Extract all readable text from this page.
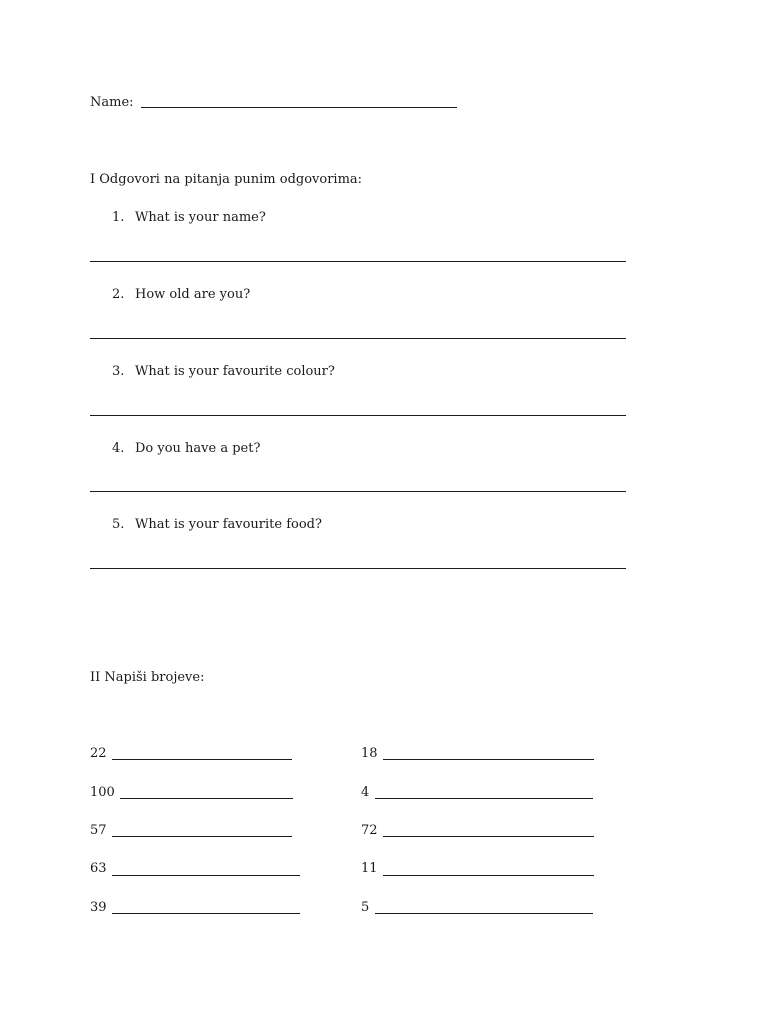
Name:
I Odgovori na pitanja punim odgovorima:
1. What is your name?
2. How old are you?
3. What is your favourite colour?
4. Do you have a pet?
5. What is your favourite food?
II Napiši brojeve:
22
100
57
63
39
18
4
72
11
5
